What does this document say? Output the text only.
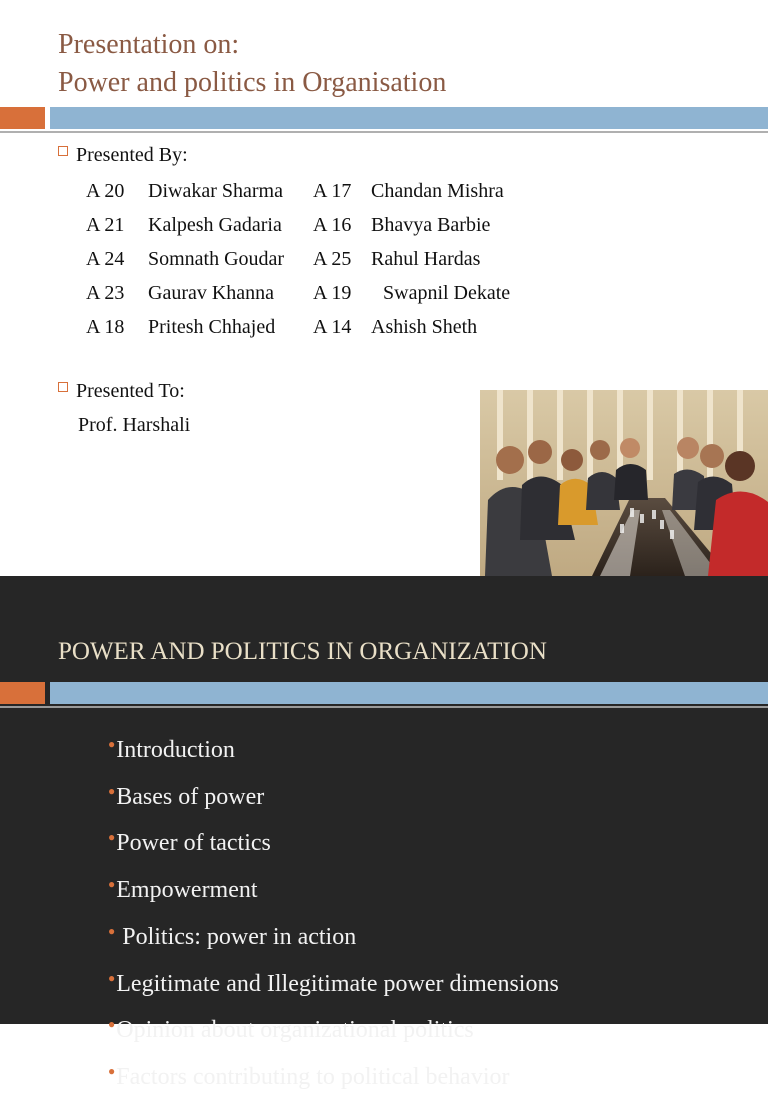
Presentation on:
Power and politics in Organisation
Presented By:
A 20 Diwakar Sharma A 17 Chandan Mishra
A 21 Kalpesh Gadaria A 16 Bhavya Barbie
A 24 Somnath Goudar A 25 Rahul Hardas
A 23 Gaurav Khanna A 19 Swapnil Dekate
A 18 Pritesh Chhajed A 14 Ashish Sheth
Presented To:
Prof. Harshali
POWER AND POLITICS IN ORGANIZATION
●Introduction
●Bases of power
●Power of tactics
●Empowerment
● Politics: power in action
●Legitimate and Illegitimate power dimensions
●Opinion about organizational politics
●Factors contributing to political behavior
